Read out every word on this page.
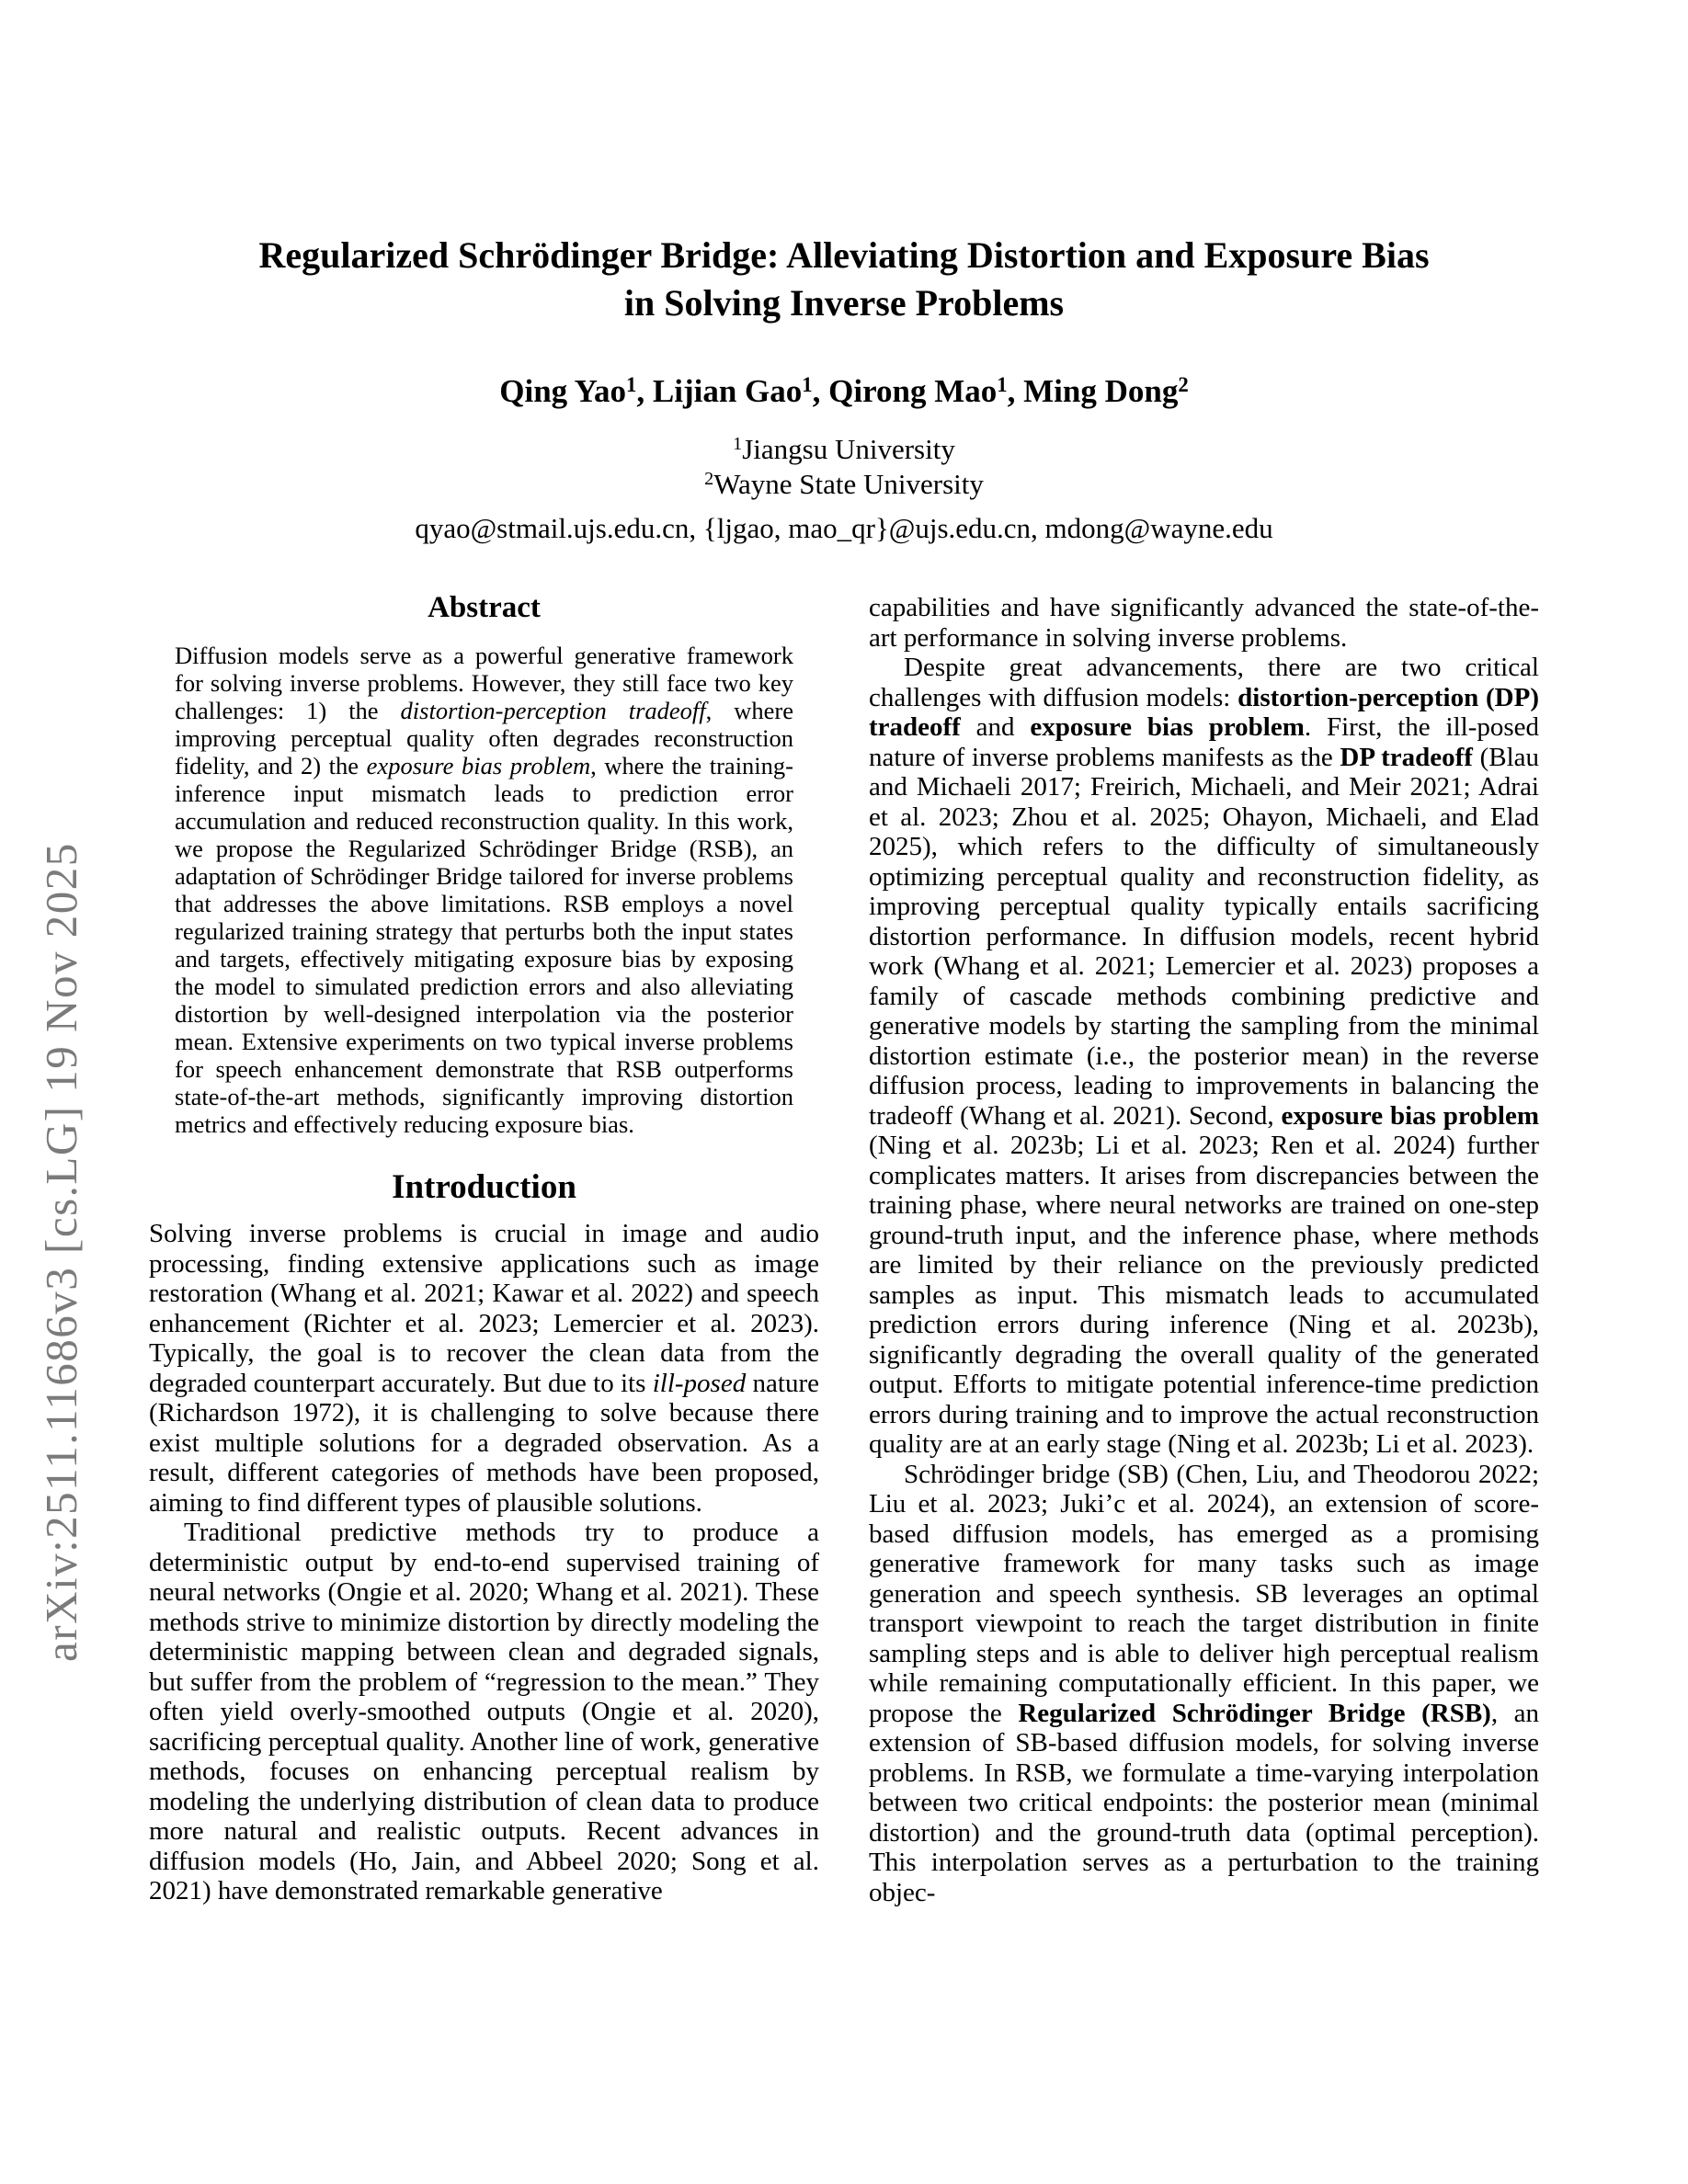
arXiv:2511.11686v3 [cs.LG] 19 Nov 2025
Regularized Schrödinger Bridge: Alleviating Distortion and Exposure Bias
in Solving Inverse Problems
Qing Yao$^1$, Lijian Gao$^1$, Qirong Mao$^1$, Ming Dong$^2$
$^1$Jiangsu University
$^2$Wayne State University
qyao@stmail.ujs.edu.cn, {ljgao, mao_qr}@ujs.edu.cn, mdong@wayne.edu
Abstract
Diffusion models serve as a powerful generative framework for solving inverse problems. However, they still face two key challenges: 1) the distortion-perception tradeoff, where improving perceptual quality often degrades reconstruction fidelity, and 2) the exposure bias problem, where the training-inference input mismatch leads to prediction error accumulation and reduced reconstruction quality. In this work, we propose the Regularized Schrödinger Bridge (RSB), an adaptation of Schrödinger Bridge tailored for inverse problems that addresses the above limitations. RSB employs a novel regularized training strategy that perturbs both the input states and targets, effectively mitigating exposure bias by exposing the model to simulated prediction errors and also alleviating distortion by well-designed interpolation via the posterior mean. Extensive experiments on two typical inverse problems for speech enhancement demonstrate that RSB outperforms state-of-the-art methods, significantly improving distortion metrics and effectively reducing exposure bias.
Introduction

Solving inverse problems is crucial in image and audio processing, finding extensive applications such as image restoration (Whang et al. 2021; Kawar et al. 2022) and speech enhancement (Richter et al. 2023; Lemercier et al. 2023). Typically, the goal is to recover the clean data from the degraded counterpart accurately. But due to its ill-posed nature (Richardson 1972), it is challenging to solve because there exist multiple solutions for a degraded observation. As a result, different categories of methods have been proposed, aiming to find different types of plausible solutions.

Traditional predictive methods try to produce a deterministic output by end-to-end supervised training of neural networks (Ongie et al. 2020; Whang et al. 2021). These methods strive to minimize distortion by directly modeling the deterministic mapping between clean and degraded signals, but suffer from the problem of “regression to the mean.” They often yield overly-smoothed outputs (Ongie et al. 2020), sacrificing perceptual quality. Another line of work, generative methods, focuses on enhancing perceptual realism by modeling the underlying distribution of clean data to produce more natural and realistic outputs. Recent advances in diffusion models (Ho, Jain, and Abbeel 2020; Song et al. 2021) have demonstrated remarkable generative

capabilities and have significantly advanced the state-of-the-art performance in solving inverse problems.

Despite great advancements, there are two critical challenges with diffusion models: distortion-perception (DP) tradeoff and exposure bias problem. First, the ill-posed nature of inverse problems manifests as the DP tradeoff (Blau and Michaeli 2017; Freirich, Michaeli, and Meir 2021; Adrai et al. 2023; Zhou et al. 2025; Ohayon, Michaeli, and Elad 2025), which refers to the difficulty of simultaneously optimizing perceptual quality and reconstruction fidelity, as improving perceptual quality typically entails sacrificing distortion performance. In diffusion models, recent hybrid work (Whang et al. 2021; Lemercier et al. 2023) proposes a family of cascade methods combining predictive and generative models by starting the sampling from the minimal distortion estimate (i.e., the posterior mean) in the reverse diffusion process, leading to improvements in balancing the tradeoff (Whang et al. 2021). Second, exposure bias problem (Ning et al. 2023b; Li et al. 2023; Ren et al. 2024) further complicates matters. It arises from discrepancies between the training phase, where neural networks are trained on one-step ground-truth input, and the inference phase, where methods are limited by their reliance on the previously predicted samples as input. This mismatch leads to accumulated prediction errors during inference (Ning et al. 2023b), significantly degrading the overall quality of the generated output. Efforts to mitigate potential inference-time prediction errors during training and to improve the actual reconstruction quality are at an early stage (Ning et al. 2023b; Li et al. 2023).

Schrödinger bridge (SB) (Chen, Liu, and Theodorou 2022; Liu et al. 2023; Juki’c et al. 2024), an extension of score-based diffusion models, has emerged as a promising generative framework for many tasks such as image generation and speech synthesis. SB leverages an optimal transport viewpoint to reach the target distribution in finite sampling steps and is able to deliver high perceptual realism while remaining computationally efficient. In this paper, we propose the Regularized Schrödinger Bridge (RSB), an extension of SB-based diffusion models, for solving inverse problems. In RSB, we formulate a time-varying interpolation between two critical endpoints: the posterior mean (minimal distortion) and the ground-truth data (optimal perception). This interpolation serves as a perturbation to the training objec-
